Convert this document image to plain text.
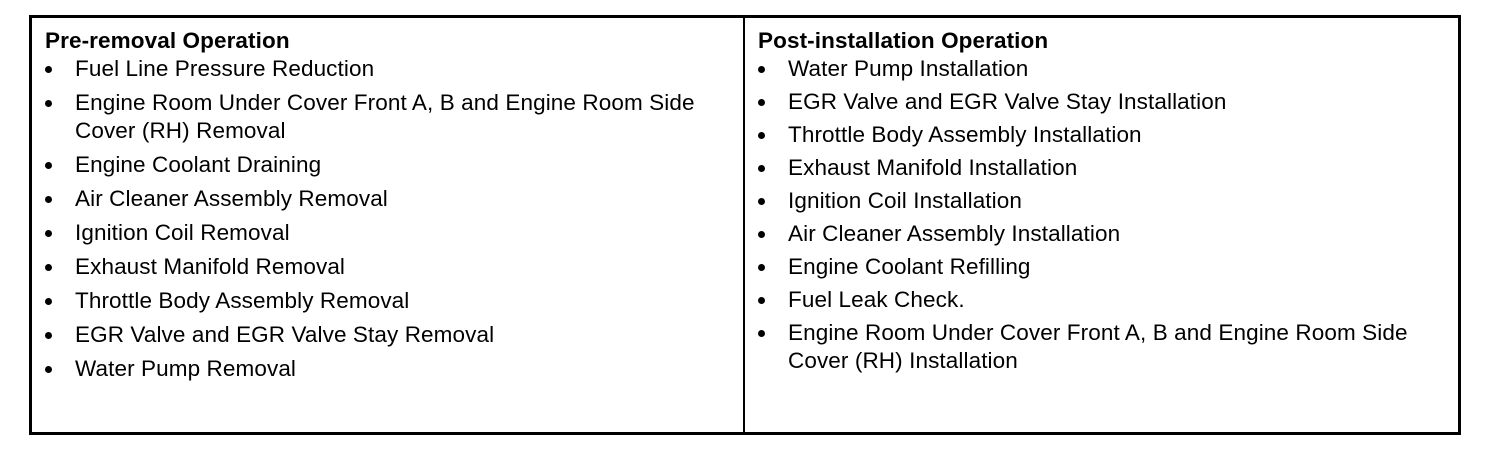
Pre-removal Operation
Fuel Line Pressure Reduction
Engine Room Under Cover Front A, B and Engine Room Side Cover (RH) Removal
Engine Coolant Draining
Air Cleaner Assembly Removal
Ignition Coil Removal
Exhaust Manifold Removal
Throttle Body Assembly Removal
EGR Valve and EGR Valve Stay Removal
Water Pump Removal
Post-installation Operation
Water Pump Installation
EGR Valve and EGR Valve Stay Installation
Throttle Body Assembly Installation
Exhaust Manifold Installation
Ignition Coil Installation
Air Cleaner Assembly Installation
Engine Coolant Refilling
Fuel Leak Check.
Engine Room Under Cover Front A, B and Engine Room Side Cover (RH) Installation
